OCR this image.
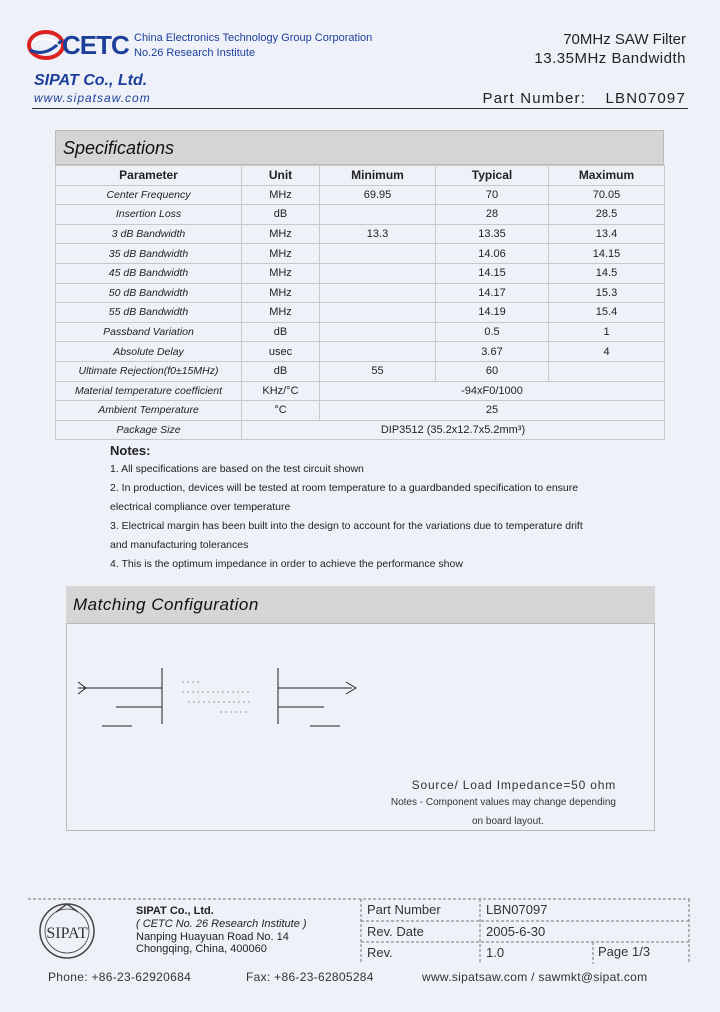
CETC China Electronics Technology Group Corporation
No.26 Research Institute
SIPAT Co., Ltd.
www.sipatsaw.com
70MHz SAW Filter
13.35MHz Bandwidth
Part Number: LBN07097
Specifications
Parameter	Unit	Minimum	Typical	Maximum
Center Frequency	MHz	69.95	70	70.05
Insertion Loss	dB		28	28.5
3 dB Bandwidth	MHz	13.3	13.35	13.4
35 dB Bandwidth	MHz		14.06	14.15
45 dB Bandwidth	MHz		14.15	14.5
50 dB Bandwidth	MHz		14.17	15.3
55 dB Bandwidth	MHz		14.19	15.4
Passband Variation	dB		0.5	1
Absolute Delay	usec		3.67	4
Ultimate Rejection(f0±15MHz)	dB	55	60	
Material temperature coefficient	KHz/°C	-94xF0/1000		
Ambient Temperature	°C	25		
Package Size	DIP3512 (35.2x12.7x5.2mm³)			
Notes:
1. All specifications are based on the test circuit shown
2. In production, devices will be tested at room temperature to a guardbanded specification to ensure
electrical compliance over temperature
3. Electrical margin has been built into the design to account for the variations due to temperature drift
and manufacturing tolerances
4. This is the optimum impedance in order to achieve the performance show
Matching Configuration
Source/ Load Impedance=50 ohm
Notes - Component values may change depending
on board layout.
SIPAT
SIPAT Co., Ltd.
( CETC No. 26 Research Institute )
Nanping Huayuan Road No. 14
Chongqing, China, 400060
Part Number	LBN07097
Rev. Date	2005-6-30
Rev.	1.0	Page 1/3
Phone: +86-23-62920684	Fax: +86-23-62805284	www.sipatsaw.com / sawmkt@sipat.com
